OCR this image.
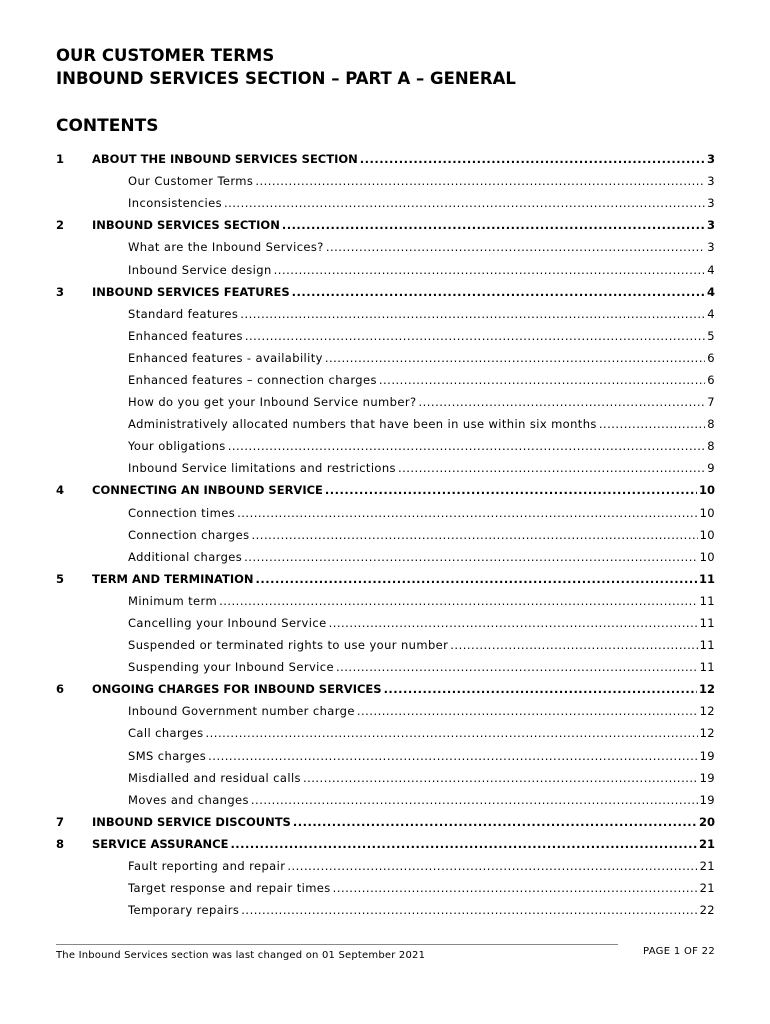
OUR CUSTOMER TERMS
INBOUND SERVICES SECTION – PART A – GENERAL
CONTENTS
1 ABOUT THE INBOUND SERVICES SECTION .....	3
Our Customer Terms .....	3
Inconsistencies .....	3
2 INBOUND SERVICES SECTION .....	3
What are the Inbound Services? .....	3
Inbound Service design .....	4
3 INBOUND SERVICES FEATURES .....	4
Standard features .....	4
Enhanced features .....	5
Enhanced features - availability .....	6
Enhanced features – connection charges .....	6
How do you get your Inbound Service number? .....	7
Administratively allocated numbers that have been in use within six months .....	8
Your obligations .....	8
Inbound Service limitations and restrictions .....	9
4 CONNECTING AN INBOUND SERVICE .....	10
Connection times .....	10
Connection charges .....	10
Additional charges .....	10
5 TERM AND TERMINATION .....	11
Minimum term .....	11
Cancelling your Inbound Service .....	11
Suspended or terminated rights to use your number .....	11
Suspending your Inbound Service .....	11
6 ONGOING CHARGES FOR INBOUND SERVICES .....	12
Inbound Government number charge .....	12
Call charges .....	12
SMS charges .....	19
Misdialled and residual calls .....	19
Moves and changes .....	19
7 INBOUND SERVICE DISCOUNTS .....	20
8 SERVICE ASSURANCE .....	21
Fault reporting and repair .....	21
Target response and repair times .....	21
Temporary repairs .....	22
The Inbound Services section was last changed on 01 September 2021	PAGE 1 OF 22
